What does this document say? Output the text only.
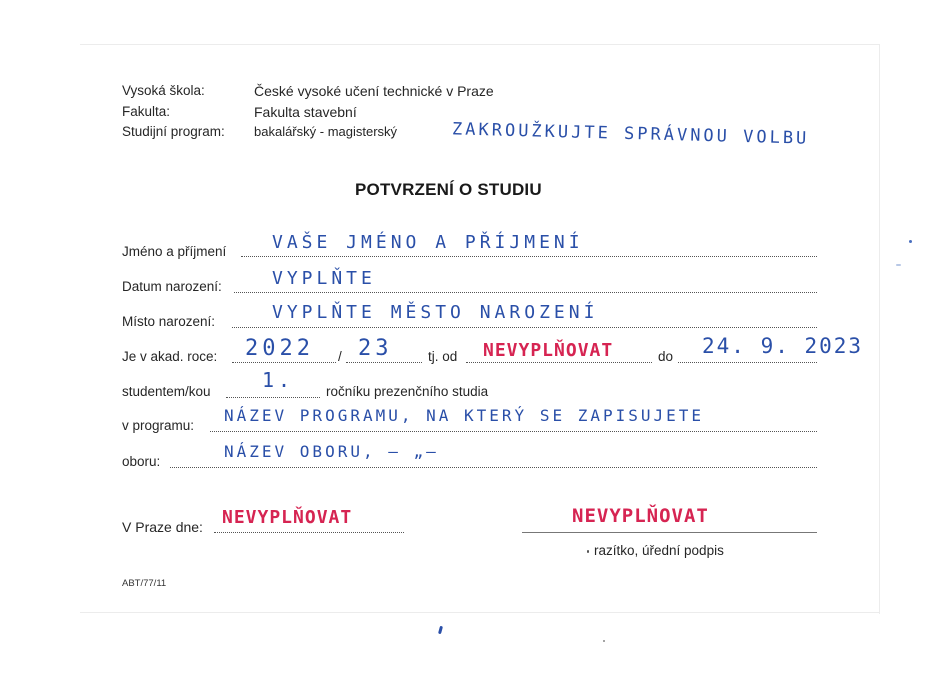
Vysoká škola:	České vysoké učení technické v Praze
Fakulta:	Fakulta stavební
Studijní program: bakalářský - magisterský	ZAKROUŽKUJTE SPRÁVNOU VOLBU
POTVRZENÍ O STUDIU
Jméno a příjmení	VAŠE JMÉNO A PŘÍJMENÍ
Datum narození:	VYPLŇTE
Místo narození:	VYPLŇTE MĚSTO NAROZENÍ
Je v akad. roce: 2022 / 23	tj. od NEVYPLŇOVAT	do 24. 9. 2023
studentem/kou	1. ročníku prezenčního studia
v programu:
NÁZEV PROGRAMU, NA KTERÝ SE ZAPISUJETE
oboru:
NÁZEV OBORU, — „—
V Praze dne: NEVYPLŇOVAT	NEVYPLŇOVAT
razítko, úřední podpis
ABT/77/11
